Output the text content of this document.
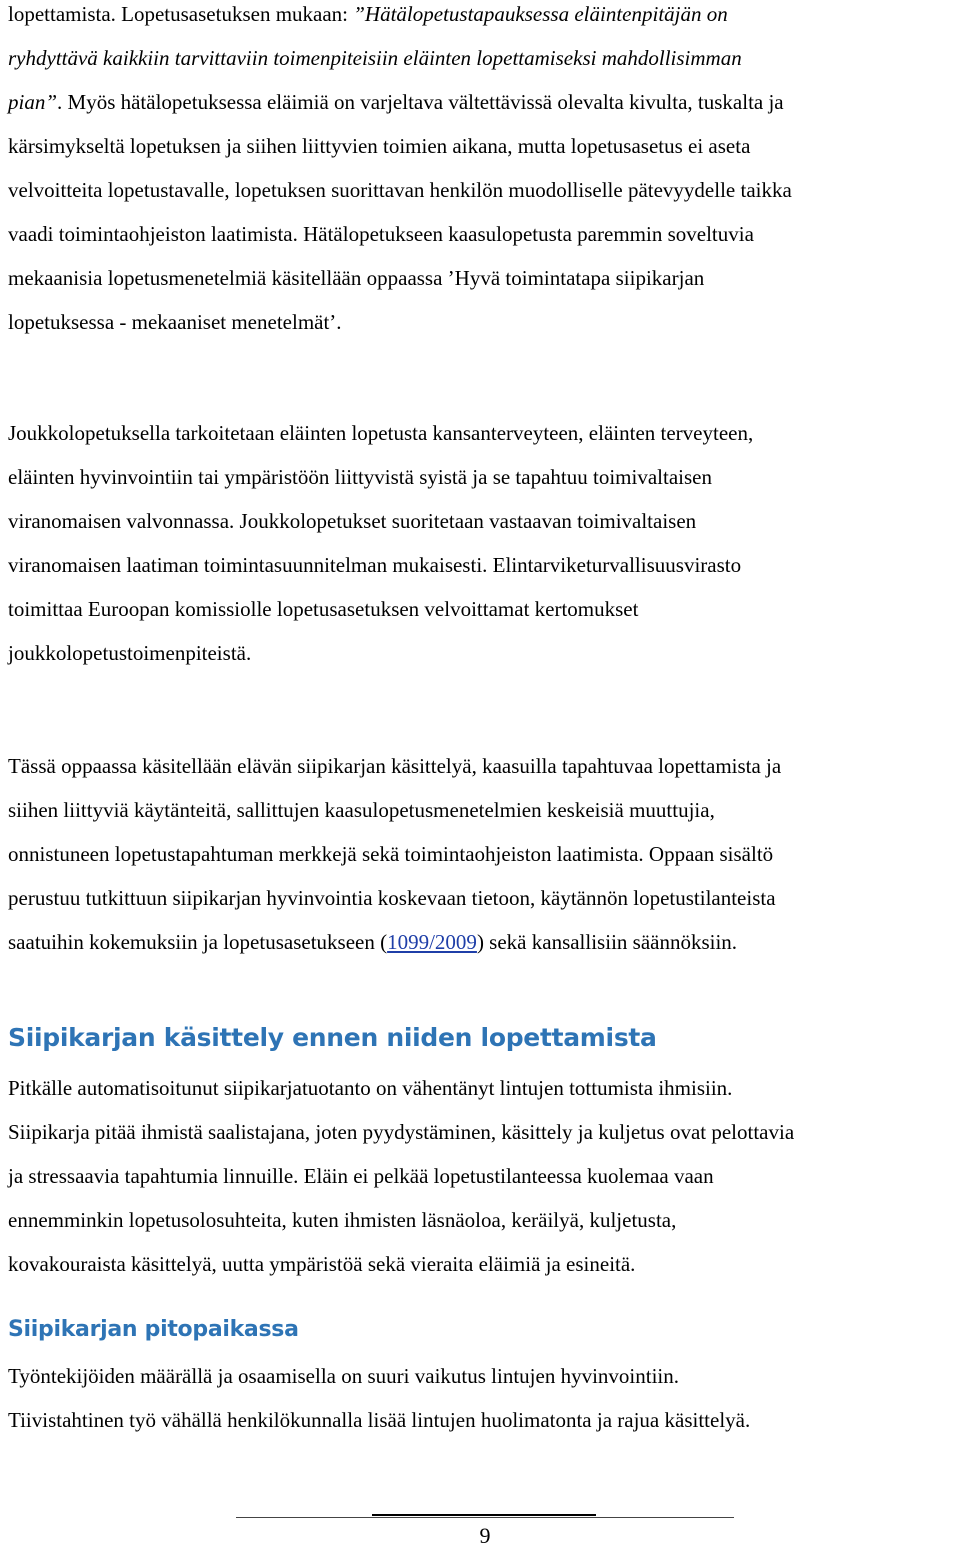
lopettamista. Lopetusasetuksen mukaan: ”Hätälopetustapauksessa eläintenpitäjän on
ryhdyttävä kaikkiin tarvittaviin toimenpiteisiin eläinten lopettamiseksi mahdollisimman
pian”. Myös hätälopetuksessa eläimiä on varjeltava vältettävissä olevalta kivulta, tuskalta ja
kärsimykseltä lopetuksen ja siihen liittyvien toimien aikana, mutta lopetusasetus ei aseta
velvoitteita lopetustavalle, lopetuksen suorittavan henkilön muodolliselle pätevyydelle taikka
vaadi toimintaohjeiston laatimista. Hätälopetukseen kaasulopetusta paremmin soveltuvia
mekaanisia lopetusmenetelmiä käsitellään oppaassa ’Hyvä toimintatapa siipikarjan
lopetuksessa - mekaaniset menetelmät’.

Joukkolopetuksella tarkoitetaan eläinten lopetusta kansanterveyteen, eläinten terveyteen,
eläinten hyvinvointiin tai ympäristöön liittyvistä syistä ja se tapahtuu toimivaltaisen
viranomaisen valvonnassa. Joukkolopetukset suoritetaan vastaavan toimivaltaisen
viranomaisen laatiman toimintasuunnitelman mukaisesti. Elintarviketurvallisuusvirasto
toimittaa Euroopan komissiolle lopetusasetuksen velvoittamat kertomukset
joukkolopetustoimenpiteistä.

Tässä oppaassa käsitellään elävän siipikarjan käsittelyä, kaasuilla tapahtuvaa lopettamista ja
siihen liittyviä käytänteitä, sallittujen kaasulopetusmenetelmien keskeisiä muuttujia,
onnistuneen lopetustapahtuman merkkejä sekä toimintaohjeiston laatimista. Oppaan sisältö
perustuu tutkittuun siipikarjan hyvinvointia koskevaan tietoon, käytännön lopetustilanteista
saatuihin kokemuksiin ja lopetusasetukseen (1099/2009) sekä kansallisiin säännöksiin.

Siipikarjan käsittely ennen niiden lopettamista

Pitkälle automatisoitunut siipikarjatuotanto on vähentänyt lintujen tottumista ihmisiin.
Siipikarja pitää ihmistä saalistajana, joten pyydystäminen, käsittely ja kuljetus ovat pelottavia
ja stressaavia tapahtumia linnuille. Eläin ei pelkää lopetustilanteessa kuolemaa vaan
ennemminkin lopetusolosuhteita, kuten ihmisten läsnäoloa, keräilyä, kuljetusta,
kovakouraista käsittelyä, uutta ympäristöä sekä vieraita eläimiä ja esineitä.

Siipikarjan pitopaikassa

Työntekijöiden määrällä ja osaamisella on suuri vaikutus lintujen hyvinvointiin.
Tiivistahtinen työ vähällä henkilökunnalla lisää lintujen huolimatonta ja rajua käsittelyä.

9
